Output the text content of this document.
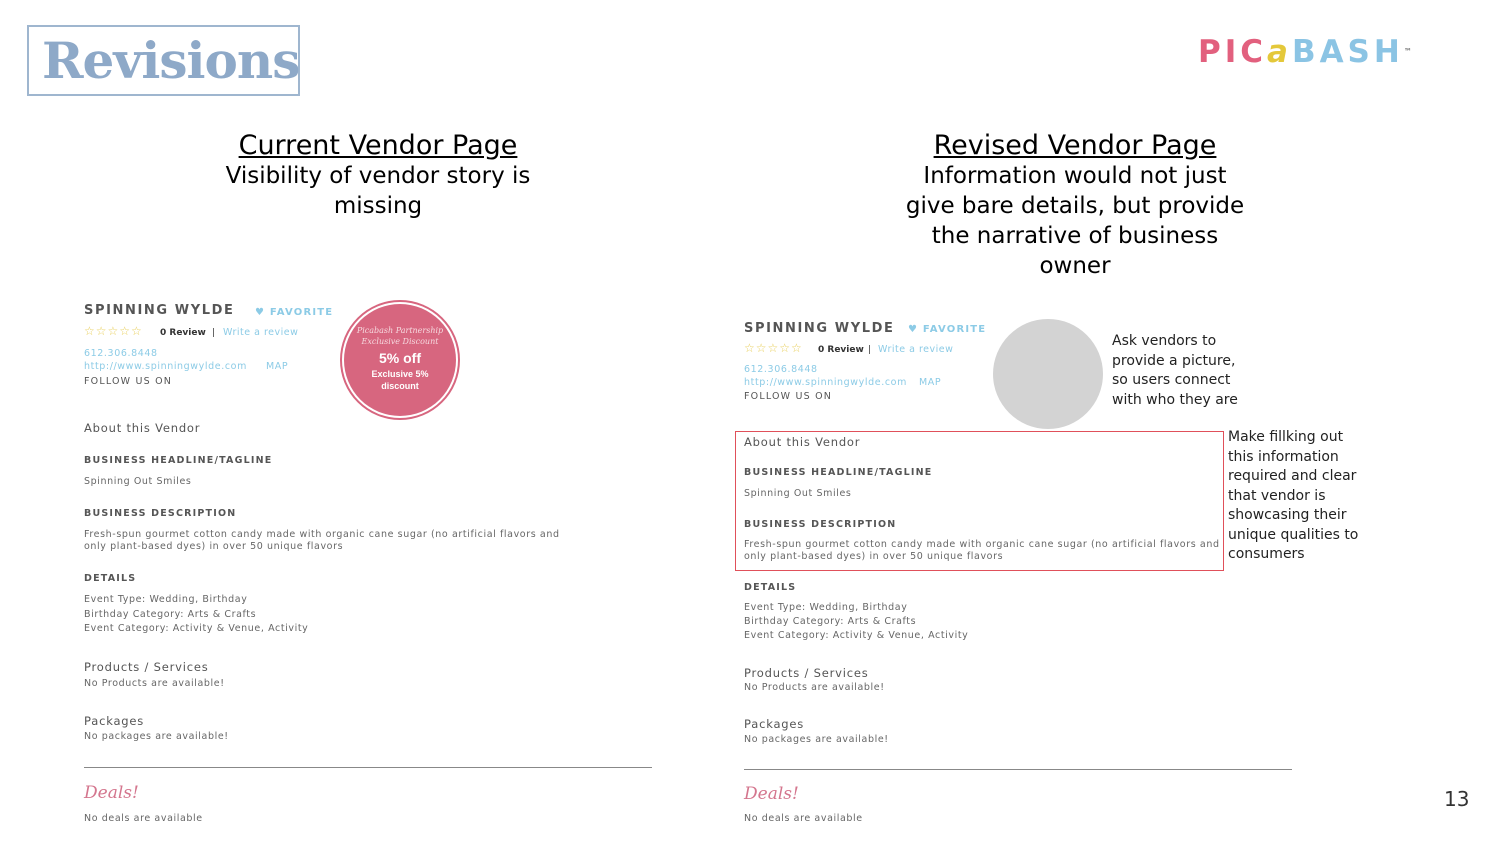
Revisions	PICaBASH™
Current Vendor Page
Visibility of vendor story is
missing
Revised Vendor Page
Information would not just
give bare details, but provide
the narrative of business
owner
SPINNING WYLDE ♥ FAVORITE
☆☆☆☆☆ 0 Review | Write a review
612.306.8448
http://www.spinningwylde.com MAP
FOLLOW US ON
About this Vendor
BUSINESS HEADLINE/TAGLINE
Spinning Out Smiles
BUSINESS DESCRIPTION
Fresh-spun gourmet cotton candy made with organic cane sugar (no artificial flavors and
only plant-based dyes) in over 50 unique flavors
DETAILS
Event Type: Wedding, Birthday
Birthday Category: Arts & Crafts
Event Category: Activity & Venue, Activity
Products / Services
No Products are available!
Packages
No packages are available!
Deals!
No deals are available
Picabash Partnership
Exclusive Discount
5% off
Exclusive 5%
discount
SPINNING WYLDE ♥ FAVORITE
☆☆☆☆☆ 0 Review | Write a review
612.306.8448
http://www.spinningwylde.com MAP
FOLLOW US ON
About this Vendor
BUSINESS HEADLINE/TAGLINE
Spinning Out Smiles
BUSINESS DESCRIPTION
Fresh-spun gourmet cotton candy made with organic cane sugar (no artificial flavors and
only plant-based dyes) in over 50 unique flavors
DETAILS
Event Type: Wedding, Birthday
Birthday Category: Arts & Crafts
Event Category: Activity & Venue, Activity
Products / Services
No Products are available!
Packages
No packages are available!
Deals!
No deals are available
Ask vendors to
provide a picture,
so users connect
with who they are
Make fillking out
this information
required and clear
that vendor is
showcasing their
unique qualities to
consumers
13
